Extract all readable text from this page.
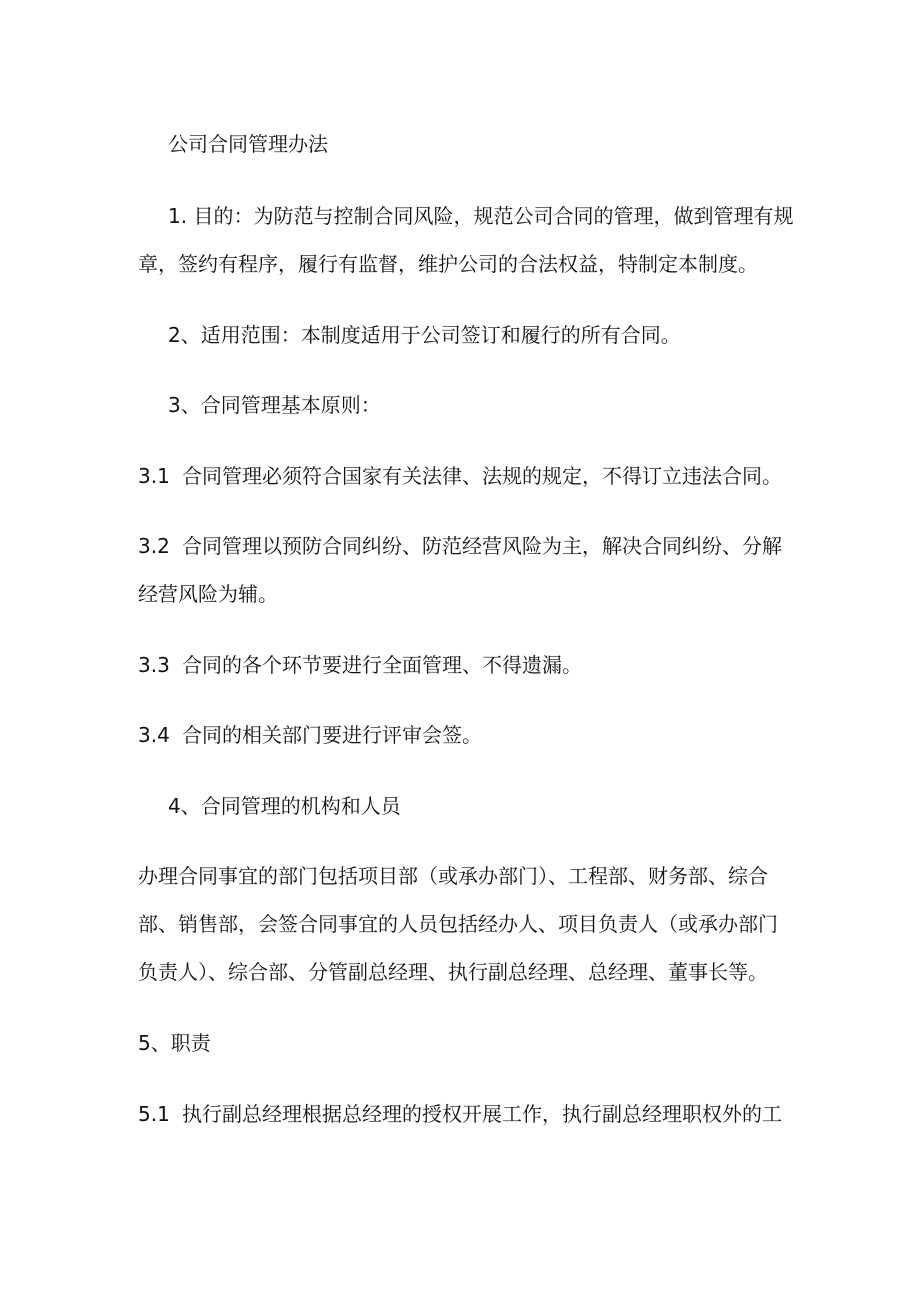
公司合同管理办法

1. 目的：为防范与控制合同风险，规范公司合同的管理，做到管理有规

章，签约有程序，履行有监督，维护公司的合法权益，特制定本制度。

2、适用范围：本制度适用于公司签订和履行的所有合同。

3、合同管理基本原则：

3.1 合同管理必须符合国家有关法律、法规的规定，不得订立违法合同。

3.2 合同管理以预防合同纠纷、防范经营风险为主，解决合同纠纷、分解

经营风险为辅。

3.3 合同的各个环节要进行全面管理、不得遗漏。

3.4 合同的相关部门要进行评审会签。

4、合同管理的机构和人员

办理合同事宜的部门包括项目部（或承办部门）、工程部、财务部、综合

部、销售部，会签合同事宜的人员包括经办人、项目负责人（或承办部门

负责人）、综合部、分管副总经理、执行副总经理、总经理、董事长等。

5、职责

5.1 执行副总经理根据总经理的授权开展工作，执行副总经理职权外的工
